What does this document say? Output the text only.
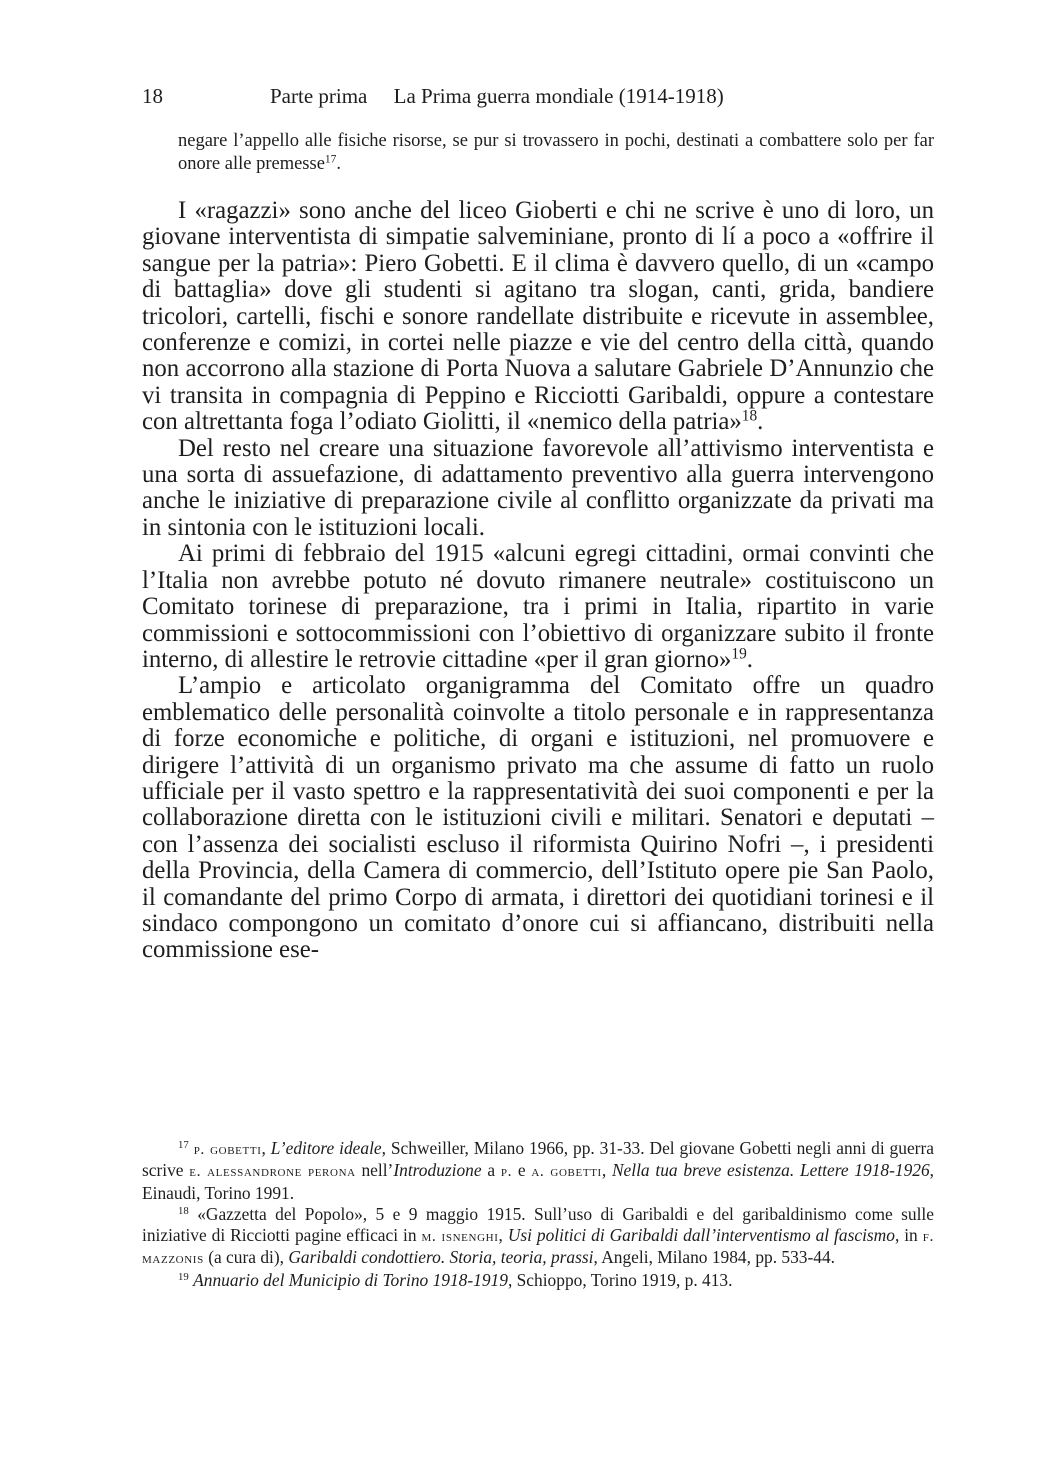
18	Parte prima  La Prima guerra mondiale (1914-1918)

negare l’appello alle fisiche risorse, se pur si trovassero in pochi, destinati a combattere solo per far onore alle premesse$^{17}$.

I «ragazzi» sono anche del liceo Gioberti e chi ne scrive è uno di loro, un giovane interventista di simpatie salveminiane, pronto di lí a poco a «offrire il sangue per la patria»: Piero Gobetti. E il clima è davvero quello, di un «campo di battaglia» dove gli studenti si agitano tra slogan, canti, grida, bandiere tricolori, cartelli, fischi e sonore randellate distribuite e ricevute in assemblee, conferenze e comizi, in cortei nelle piazze e vie del centro della città, quando non accorrono alla stazione di Porta Nuova a salutare Gabriele D’Annunzio che vi transita in compagnia di Peppino e Ricciotti Garibaldi, oppure a contestare con altrettanta foga l’odiato Giolitti, il «nemico della patria»$^{18}$.

Del resto nel creare una situazione favorevole all’attivismo interventista e una sorta di assuefazione, di adattamento preventivo alla guerra intervengono anche le iniziative di preparazione civile al conflitto organizzate da privati ma in sintonia con le istituzioni locali.

Ai primi di febbraio del 1915 «alcuni egregi cittadini, ormai convinti che l’Italia non avrebbe potuto né dovuto rimanere neutrale» costituiscono un Comitato torinese di preparazione, tra i primi in Italia, ripartito in varie commissioni e sottocommissioni con l’obiettivo di organizzare subito il fronte interno, di allestire le retrovie cittadine «per il gran giorno»$^{19}$.

L’ampio e articolato organigramma del Comitato offre un quadro emblematico delle personalità coinvolte a titolo personale e in rappresentanza di forze economiche e politiche, di organi e istituzioni, nel promuovere e dirigere l’attività di un organismo privato ma che assume di fatto un ruolo ufficiale per il vasto spettro e la rappresentatività dei suoi componenti e per la collaborazione diretta con le istituzioni civili e militari. Senatori e deputati – con l’assenza dei socialisti escluso il riformista Quirino Nofri –, i presidenti della Provincia, della Camera di commercio, dell’Istituto opere pie San Paolo, il comandante del primo Corpo di armata, i direttori dei quotidiani torinesi e il sindaco compongono un comitato d’onore cui si affiancano, distribuiti nella commissione ese-

$^{17}$ p. gobetti, L’editore ideale, Schweiller, Milano 1966, pp. 31-33. Del giovane Gobetti negli anni di guerra scrive e. alessandrone perona nell’Introduzione a p. e a. gobetti, Nella tua breve esistenza. Lettere 1918-1926, Einaudi, Torino 1991.

$^{18}$ «Gazzetta del Popolo», 5 e 9 maggio 1915. Sull’uso di Garibaldi e del garibaldinismo come sulle iniziative di Ricciotti pagine efficaci in m. isnenghi, Usi politici di Garibaldi dall’interventismo al fascismo, in f. mazzonis (a cura di), Garibaldi condottiero. Storia, teoria, prassi, Angeli, Milano 1984, pp. 533-44.

$^{19}$ Annuario del Municipio di Torino 1918-1919, Schioppo, Torino 1919, p. 413.
